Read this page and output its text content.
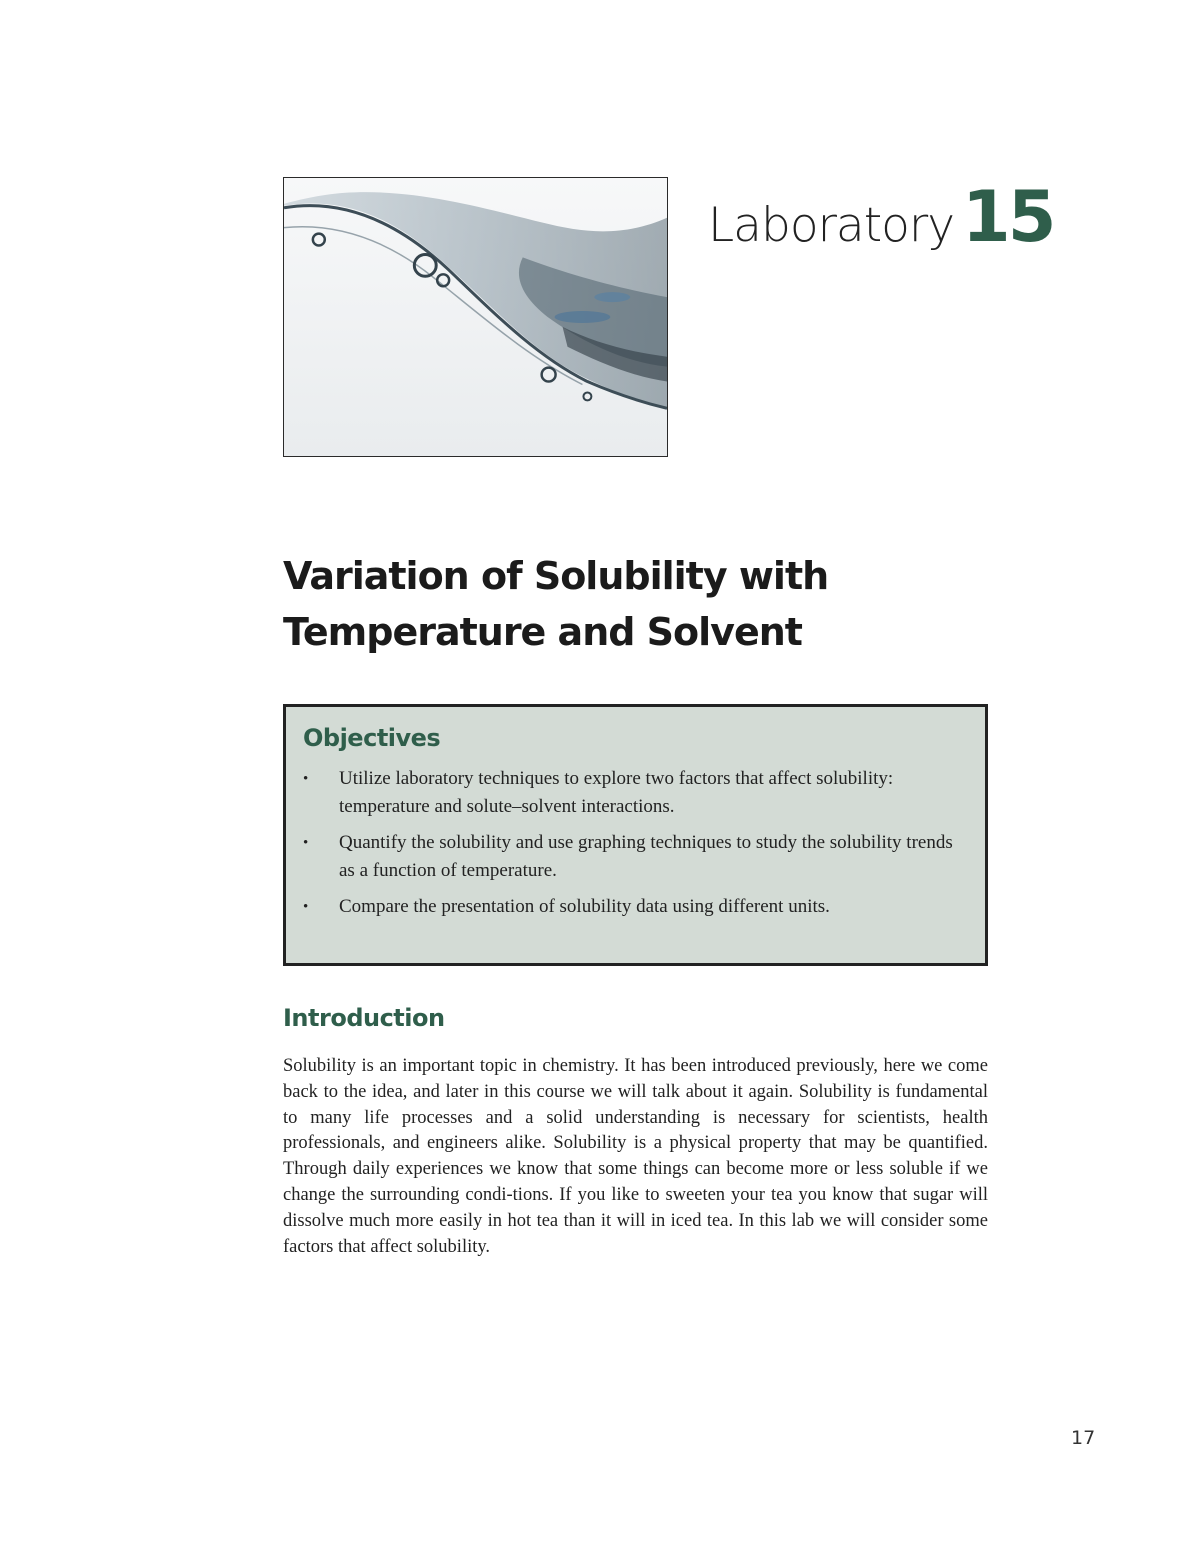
Laboratory 15
Variation of Solubility with
Temperature and Solvent
Objectives
• Utilize laboratory techniques to explore two factors that affect solubility: temperature and solute–solvent interactions.
• Quantify the solubility and use graphing techniques to study the solubility trends as a function of temperature.
• Compare the presentation of solubility data using different units.
Introduction

Solubility is an important topic in chemistry. It has been introduced previously, here we come back to the idea, and later in this course we will talk about it again. Solubility is fundamental to many life processes and a solid understanding is necessary for scientists, health professionals, and engineers alike. Solubility is a physical property that may be quantified. Through daily experiences we know that some things can become more or less soluble if we change the surrounding condi-tions. If you like to sweeten your tea you know that sugar will dissolve much more easily in hot tea than it will in iced tea. In this lab we will consider some factors that affect solubility.

17
